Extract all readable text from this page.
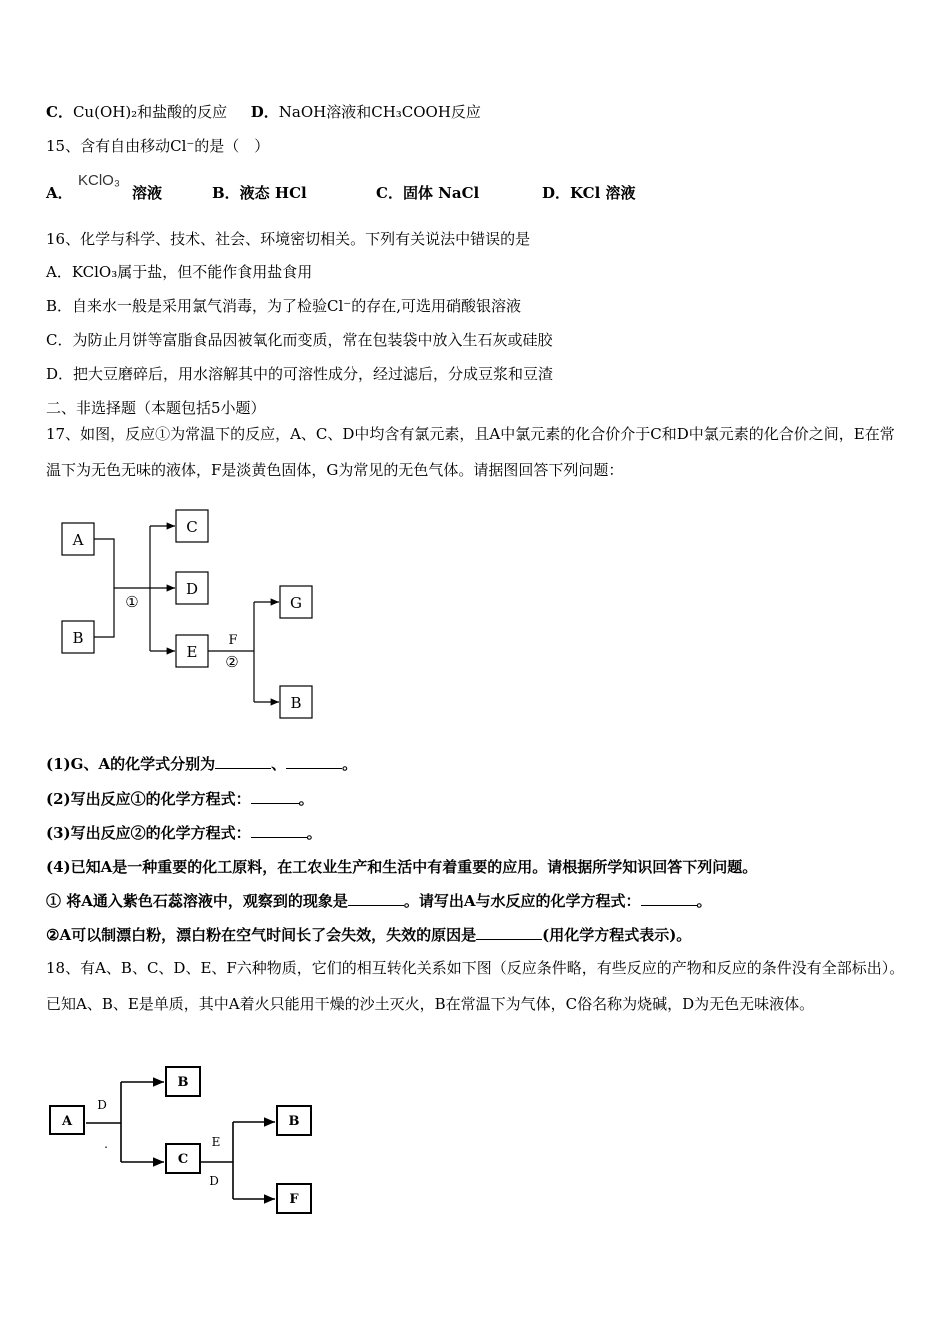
C．Cu(OH)₂和盐酸的反应 D．NaOH溶液和CH₃COOH反应
15、含有自由移动Cl⁻的是（　）
A．
KClO₃
溶液	B．液态 HCl	C．固体 NaCl	D．KCl 溶液
16、化学与科学、技术、社会、环境密切相关。下列有关说法中错误的是
A．KClO₃属于盐，但不能作食用盐食用
B．自来水一般是采用氯气消毒，为了检验Cl⁻的存在,可选用硝酸银溶液
C．为防止月饼等富脂食品因被氧化而变质，常在包装袋中放入生石灰或硅胶
D．把大豆磨碎后，用水溶解其中的可溶性成分，经过滤后，分成豆浆和豆渣
二、非选择题（本题包括5小题）
17、如图，反应①为常温下的反应，A、C、D中均含有氯元素，且A中氯元素的化合价介于C和D中氯元素的化合价之间，E在常温下为无色无味的液体，F是淡黄色固体，G为常见的无色气体。请据图回答下列问题：
A
B
C
D
E
G
B
①
F
②
(1)G、A的化学式分别为	、	。
(2)写出反应①的化学方程式：	。
(3)写出反应②的化学方程式：	。
(4)已知A是一种重要的化工原料，在工农业生产和生活中有着重要的应用。请根据所学知识回答下列问题。
① 将A通入紫色石蕊溶液中，观察到的现象是	。请写出A与水反应的化学方程式：	。
②A可以制漂白粉，漂白粉在空气时间长了会失效，失效的原因是	(用化学方程式表示)。
18、有A、B、C、D、E、F六种物质，它们的相互转化关系如下图（反应条件略，有些反应的产物和反应的条件没有全部标出）。已知A、B、E是单质，其中A着火只能用干燥的沙土灭火，B在常温下为气体，C俗名称为烧碱，D为无色无味液体。
A
B
C
B
F
D
.	E
D
